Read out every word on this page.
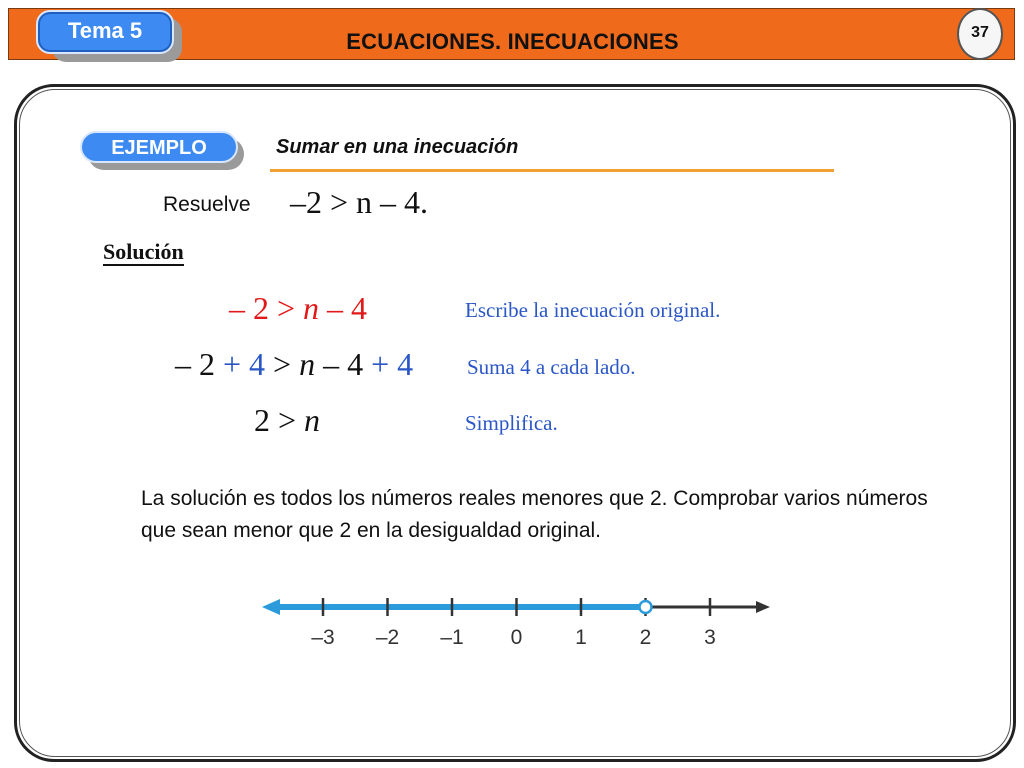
ECUACIONES. INECUACIONES
Tema 5	37
EJEMPLO	Sumar en una inecuación
Resuelve –2 > n – 4.
Solución
– 2 > n – 4	Escribe la inecuación original.
– 2 + 4 > n – 4 + 4	Suma 4 a cada lado.
2 > n	Simplifica.
La solución es todos los números reales menores que 2. Comprobar varios números que sean menor que 2 en la desigualdad original.
–3 –2 –1 0	1	2	3
